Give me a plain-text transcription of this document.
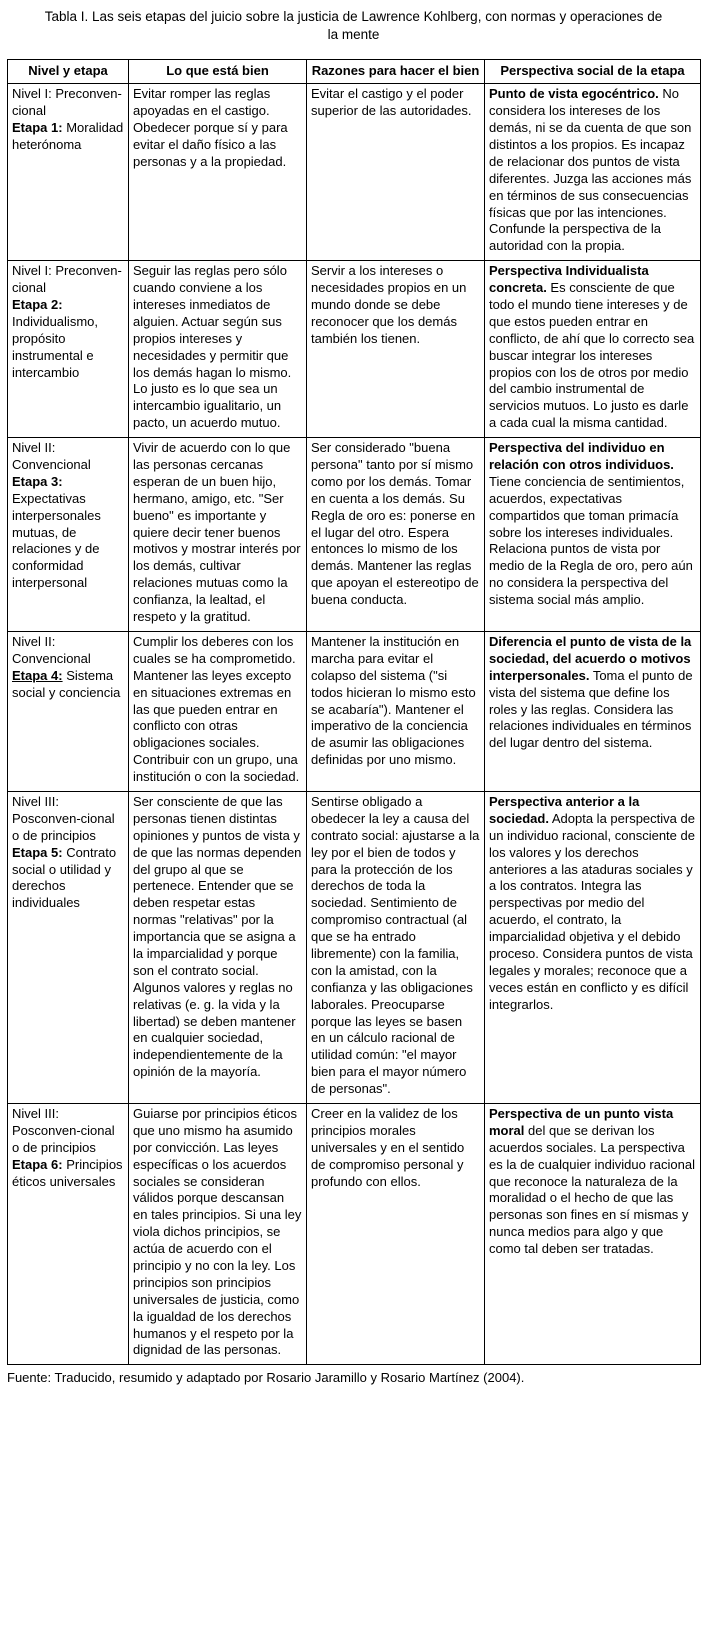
Tabla I. Las seis etapas del juicio sobre la justicia de Lawrence Kohlberg, con normas y operaciones de la mente
Nivel y etapa	Lo que está bien	Razones para hacer el bien	Perspectiva social de la etapa

Nivel I: Preconven-cional
Etapa 1: Moralidad heterónoma	Evitar romper las reglas apoyadas en el castigo. Obedecer porque sí y para evitar el daño físico a las personas y a la propiedad.	Evitar el castigo y el poder superior de las autoridades.	Punto de vista egocéntrico. No considera los intereses de los demás, ni se da cuenta de que son distintos a los propios. Es incapaz de relacionar dos puntos de vista diferentes. Juzga las acciones más en términos de sus consecuencias físicas que por las intenciones. Confunde la perspectiva de la autoridad con la propia.

Nivel I: Preconven-cional
Etapa 2: Individualismo, propósito instrumental e intercambio
	Seguir las reglas pero sólo cuando conviene a los intereses inmediatos de alguien. Actuar según sus propios intereses y necesidades y permitir que los demás hagan lo mismo. Lo justo es lo que sea un intercambio igualitario, un pacto, un acuerdo mutuo.	Servir a los intereses o necesidades propios en un mundo donde se debe reconocer que los demás también los tienen.	Perspectiva Individualista concreta. Es consciente de que todo el mundo tiene intereses y de que estos pueden entrar en conflicto, de ahí que lo correcto sea buscar integrar los intereses propios con los de otros por medio del cambio instrumental de servicios mutuos. Lo justo es darle a cada cual la misma cantidad.

Nivel II: Convencional
Etapa 3: Expectativas interpersonales mutuas, de relaciones y de conformidad interpersonal
	Vivir de acuerdo con lo que las personas cercanas esperan de un buen hijo, hermano, amigo, etc. "Ser bueno" es importante y quiere decir tener buenos motivos y mostrar interés por los demás, cultivar relaciones mutuas como la confianza, la lealtad, el respeto y la gratitud.	Ser considerado "buena persona" tanto por sí mismo como por los demás. Tomar en cuenta a los demás. Su Regla de oro es: ponerse en el lugar del otro. Espera entonces lo mismo de los demás. Mantener las reglas que apoyan el estereotipo de buena conducta.	Perspectiva del individuo en relación con otros individuos. Tiene conciencia de sentimientos, acuerdos, expectativas compartidos que toman primacía sobre los intereses individuales. Relaciona puntos de vista por medio de la Regla de oro, pero aún no considera la perspectiva del sistema social más amplio.

Nivel II: Convencional
Etapa 4: Sistema social y conciencia
	Cumplir los deberes con los cuales se ha comprometido. Mantener las leyes excepto en situaciones extremas en las que pueden entrar en conflicto con otras obligaciones sociales. Contribuir con un grupo, una institución o con la sociedad.	Mantener la institución en marcha para evitar el colapso del sistema ("si todos hicieran lo mismo esto se acabaría"). Mantener el imperativo de la conciencia de asumir las obligaciones definidas por uno mismo.	Diferencia el punto de vista de la sociedad, del acuerdo o motivos interpersonales. Toma el punto de vista del sistema que define los roles y las reglas. Considera las relaciones individuales en términos del lugar dentro del sistema.

Nivel III: Posconven-cional o de principios
Etapa 5: Contrato social o utilidad y derechos individuales
	Ser consciente de que las personas tienen distintas opiniones y puntos de vista y de que las normas dependen del grupo al que se pertenece. Entender que se deben respetar estas normas "relativas" por la importancia que se asigna a la imparcialidad y porque son el contrato social. Algunos valores y reglas no relativas (e. g. la vida y la libertad) se deben mantener en cualquier sociedad, independientemente de la opinión de la mayoría.	Sentirse obligado a obedecer la ley a causa del contrato social: ajustarse a la ley por el bien de todos y para la protección de los derechos de toda la sociedad. Sentimiento de compromiso contractual (al que se ha entrado libremente) con la familia, con la amistad, con la confianza y las obligaciones laborales. Preocuparse porque las leyes se basen en un cálculo racional de utilidad común: "el mayor bien para el mayor número de personas".	Perspectiva anterior a la sociedad. Adopta la perspectiva de un individuo racional, consciente de los valores y los derechos anteriores a las ataduras sociales y a los contratos. Integra las perspectivas por medio del acuerdo, el contrato, la imparcialidad objetiva y el debido proceso. Considera puntos de vista legales y morales; reconoce que a veces están en conflicto y es difícil integrarlos.

Nivel III: Posconven-cional o de principios
Etapa 6: Principios éticos universales
	Guiarse por principios éticos que uno mismo ha asumido por convicción. Las leyes específicas o los acuerdos sociales se consideran válidos porque descansan en tales principios. Si una ley viola dichos principios, se actúa de acuerdo con el principio y no con la ley. Los principios son principios universales de justicia, como la igualdad de los derechos humanos y el respeto por la dignidad de las personas.	Creer en la validez de los principios morales universales y en el sentido de compromiso personal y profundo con ellos.	Perspectiva de un punto vista moral del que se derivan los acuerdos sociales. La perspectiva es la de cualquier individuo racional que reconoce la naturaleza de la moralidad o el hecho de que las personas son fines en sí mismas y nunca medios para algo y que como tal deben ser tratadas.
Fuente: Traducido, resumido y adaptado por Rosario Jaramillo y Rosario Martínez (2004).
